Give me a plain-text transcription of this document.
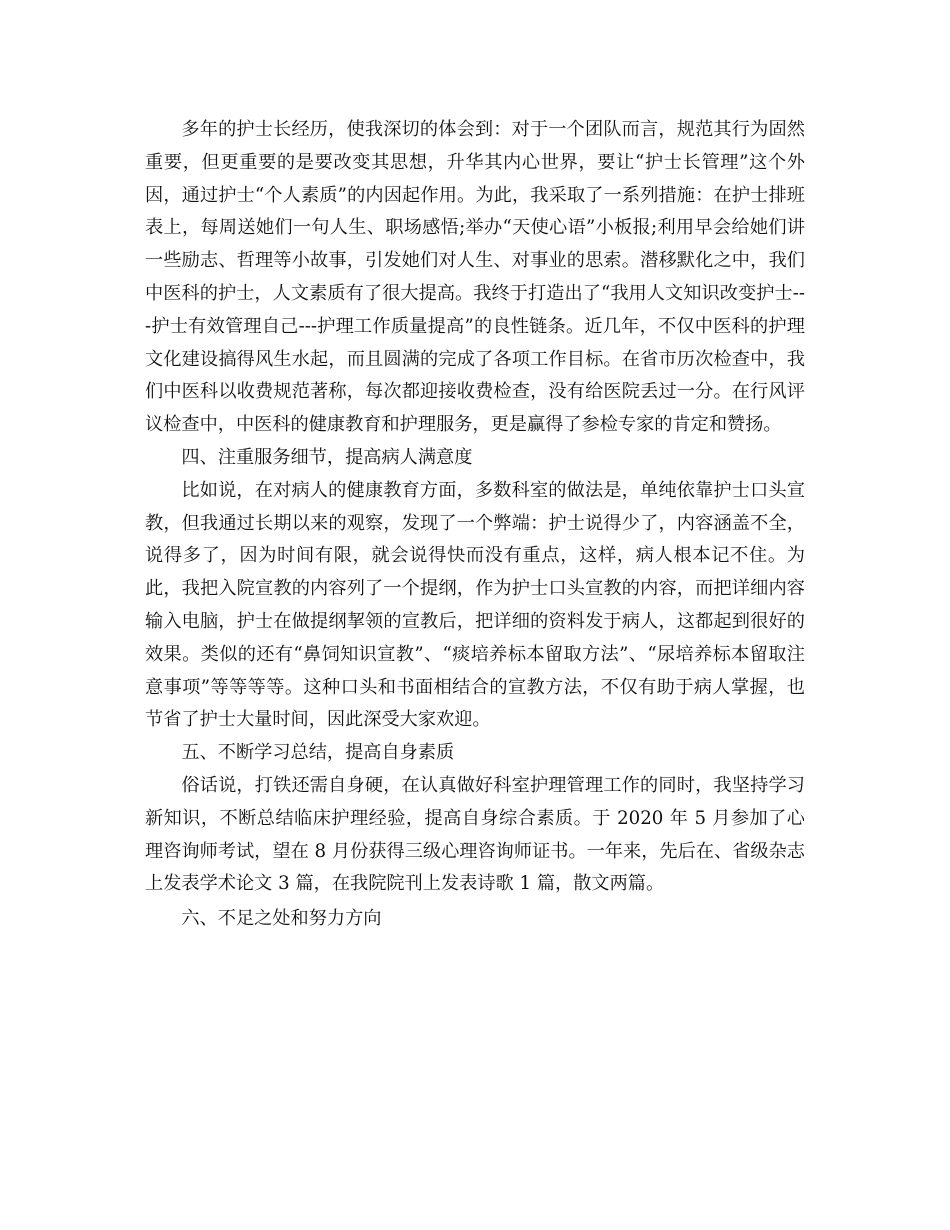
多年的护士长经历，使我深切的体会到：对于一个团队而言，规范其行为固然重要，但更重要的是要改变其思想，升华其内心世界，要让“护士长管理”这个外因，通过护士“个人素质”的内因起作用。为此，我采取了一系列措施：在护士排班表上，每周送她们一句人生、职场感悟;举办“天使心语”小板报;利用早会给她们讲一些励志、哲理等小故事，引发她们对人生、对事业的思索。潜移默化之中，我们中医科的护士，人文素质有了很大提高。我终于打造出了“我用人文知识改变护士---护士有效管理自己---护理工作质量提高”的良性链条。近几年，不仅中医科的护理文化建设搞得风生水起，而且圆满的完成了各项工作目标。在省市历次检查中，我们中医科以收费规范著称，每次都迎接收费检查，没有给医院丢过一分。在行风评议检查中，中医科的健康教育和护理服务，更是赢得了参检专家的肯定和赞扬。

四、注重服务细节，提高病人满意度

比如说，在对病人的健康教育方面，多数科室的做法是，单纯依靠护士口头宣教，但我通过长期以来的观察，发现了一个弊端：护士说得少了，内容涵盖不全，说得多了，因为时间有限，就会说得快而没有重点，这样，病人根本记不住。为此，我把入院宣教的内容列了一个提纲，作为护士口头宣教的内容，而把详细内容输入电脑，护士在做提纲挈领的宣教后，把详细的资料发于病人，这都起到很好的效果。类似的还有“鼻饲知识宣教”、“痰培养标本留取方法”、“尿培养标本留取注意事项”等等等等。这种口头和书面相结合的宣教方法，不仅有助于病人掌握，也节省了护士大量时间，因此深受大家欢迎。

五、不断学习总结，提高自身素质

俗话说，打铁还需自身硬，在认真做好科室护理管理工作的同时，我坚持学习新知识，不断总结临床护理经验，提高自身综合素质。于 2020 年 5 月参加了心理咨询师考试，望在 8 月份获得三级心理咨询师证书。一年来，先后在、省级杂志上发表学术论文 3 篇，在我院院刊上发表诗歌 1 篇，散文两篇。

六、不足之处和努力方向
